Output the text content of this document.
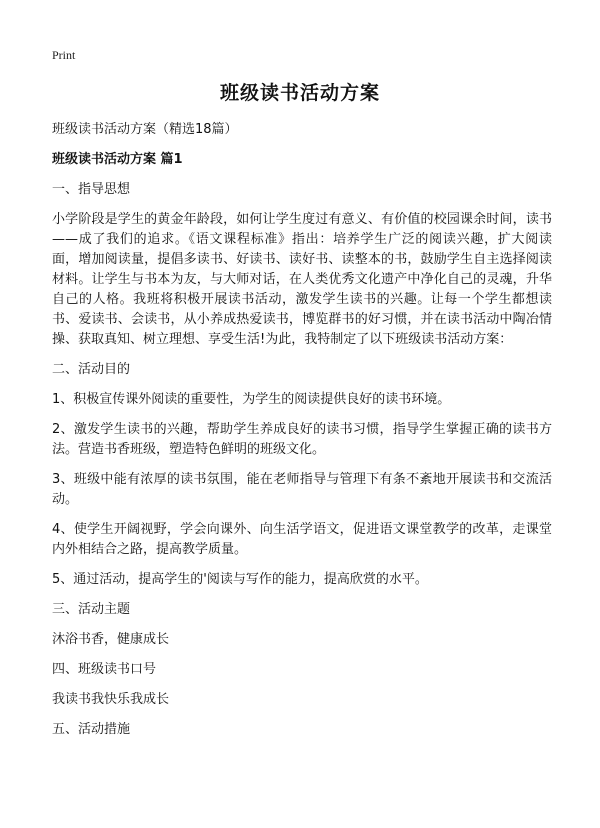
Print
班级读书活动方案

班级读书活动方案（精选18篇）

班级读书活动方案 篇1

一、指导思想

小学阶段是学生的黄金年龄段，如何让学生度过有意义、有价值的校园课余时间，读书——成了我们的追求。《语文课程标准》指出：培养学生广泛的阅读兴趣，扩大阅读面，增加阅读量，提倡多读书、好读书、读好书、读整本的书，鼓励学生自主选择阅读材料。让学生与书本为友，与大师对话，在人类优秀文化遗产中净化自己的灵魂，升华自己的人格。我班将积极开展读书活动，激发学生读书的兴趣。让每一个学生都想读书、爱读书、会读书，从小养成热爱读书，博览群书的好习惯，并在读书活动中陶冶情操、获取真知、树立理想、享受生活!为此，我特制定了以下班级读书活动方案：

二、活动目的

1、积极宣传课外阅读的重要性，为学生的阅读提供良好的读书环境。

2、激发学生读书的兴趣，帮助学生养成良好的读书习惯，指导学生掌握正确的读书方法。营造书香班级，塑造特色鲜明的班级文化。

3、班级中能有浓厚的读书氛围，能在老师指导与管理下有条不紊地开展读书和交流活动。

4、使学生开阔视野，学会向课外、向生活学语文，促进语文课堂教学的改革，走课堂内外相结合之路，提高教学质量。

5、通过活动，提高学生的'阅读与写作的能力，提高欣赏的水平。

三、活动主题

沐浴书香，健康成长

四、班级读书口号

我读书我快乐我成长

五、活动措施
